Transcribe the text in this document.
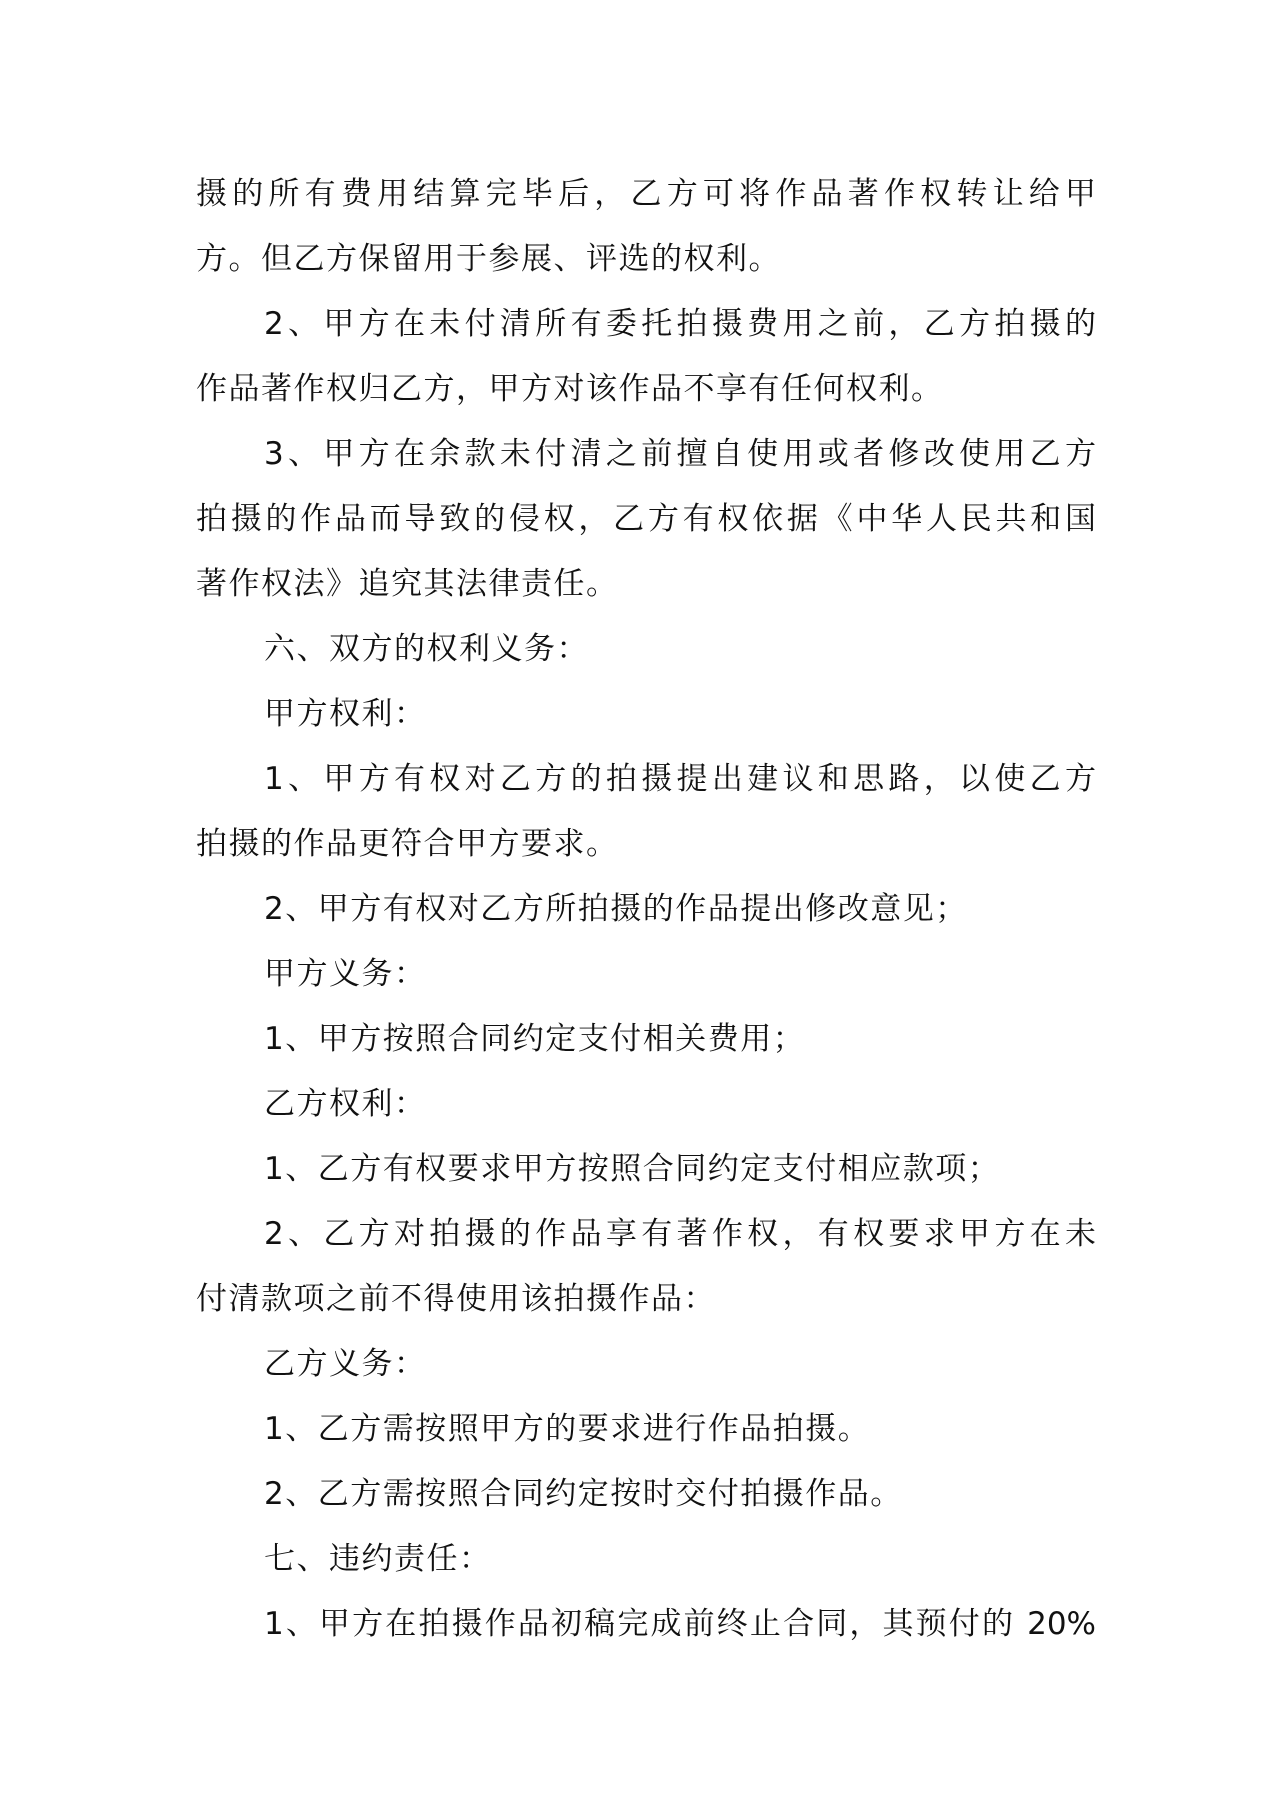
摄的所有费用结算完毕后，乙方可将作品著作权转让给甲
方。但乙方保留用于参展、评选的权利。
2、甲方在未付清所有委托拍摄费用之前，乙方拍摄的
作品著作权归乙方，甲方对该作品不享有任何权利。
3、甲方在余款未付清之前擅自使用或者修改使用乙方
拍摄的作品而导致的侵权，乙方有权依据《中华人民共和国
著作权法》追究其法律责任。
六、双方的权利义务：
甲方权利：
1、甲方有权对乙方的拍摄提出建议和思路，以使乙方
拍摄的作品更符合甲方要求。
2、甲方有权对乙方所拍摄的作品提出修改意见；
甲方义务：
1、甲方按照合同约定支付相关费用；
乙方权利：
1、乙方有权要求甲方按照合同约定支付相应款项；
2、乙方对拍摄的作品享有著作权，有权要求甲方在未
付清款项之前不得使用该拍摄作品：
乙方义务：
1、乙方需按照甲方的要求进行作品拍摄。
2、乙方需按照合同约定按时交付拍摄作品。
七、违约责任：
1、甲方在拍摄作品初稿完成前终止合同，其预付的 20%
